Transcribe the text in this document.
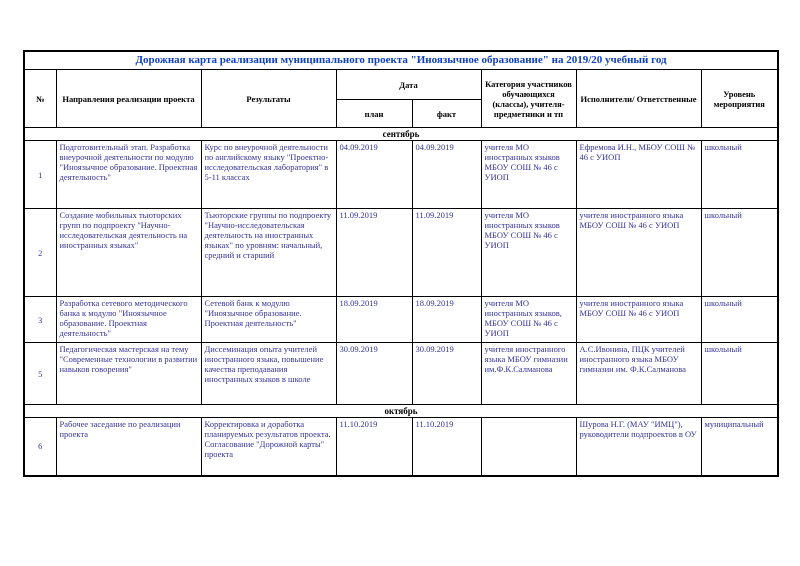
Дорожная карта реализации муниципального проекта "Иноязычное образование" на 2019/20 учебный год							
№	Направления реализации проекта	Результаты	Дата		Категория участников обучающихся (классы), учителя-предметники и тп	Исполнители/ Ответственные	Уровень мероприятия
			план	факт			
сентябрь							
1	Подготовительный этап. Разработка внеурочной деятельности по модулю "Иноязычное образование. Проектная деятельность"	Курс по внеурочной деятельности по английскому языку "Проектно-исследовательская лаборатория" в 5-11 классах	04.09.2019	04.09.2019	учителя МО иностранных языков МБОУ СОШ № 46 с УИОП	Ефремова И.Н., МБОУ СОШ № 46 с УИОП	школьный
2	Создание мобильных тьюторских групп по подпроекту "Научно-исследовательская деятельность на иностранных языках"	Тьюторские группы по подпроекту "Научно-исследовательская деятельность на иностранных языках" по уровням: начальный, средний и старший	11.09.2019	11.09.2019	учителя МО иностранных языков МБОУ СОШ № 46 с УИОП	учителя иностранного языка МБОУ СОШ № 46 с УИОП	школьный
3	Разработка сетевого методического банка к модулю "Иноязычное образование. Проектная деятельность"	Сетевой банк к модулю "Иноязычное образование. Проектная деятельность"	18.09.2019	18.09.2019	учителя МО иностранных языков, МБОУ СОШ № 46 с УИОП	учителя иностранного языка МБОУ СОШ № 46 с УИОП	школьный
5	Педагогическая мастерская на тему "Современные технологии в развитии навыков говорения"	Диссеминация опыта учителей иностранного языка, повышение качества преподавания иностранных языков в школе	30.09.2019	30.09.2019	учителя иностранного языка МБОУ гимназии им.Ф.К.Салманова	А.С.Ивонина, ПЦК учителей иностранного языка МБОУ гимназии им. Ф.К.Салманова	школьный
октябрь							
6	Рабочее заседание по реализации проекта	Корректировка и доработка планируемых результатов проекта. Согласование "Дорожной карты" проекта	11.10.2019	11.10.2019		Шурова Н.Г. (МАУ "ИМЦ"), руководители подпроектов в ОУ	муниципальный
